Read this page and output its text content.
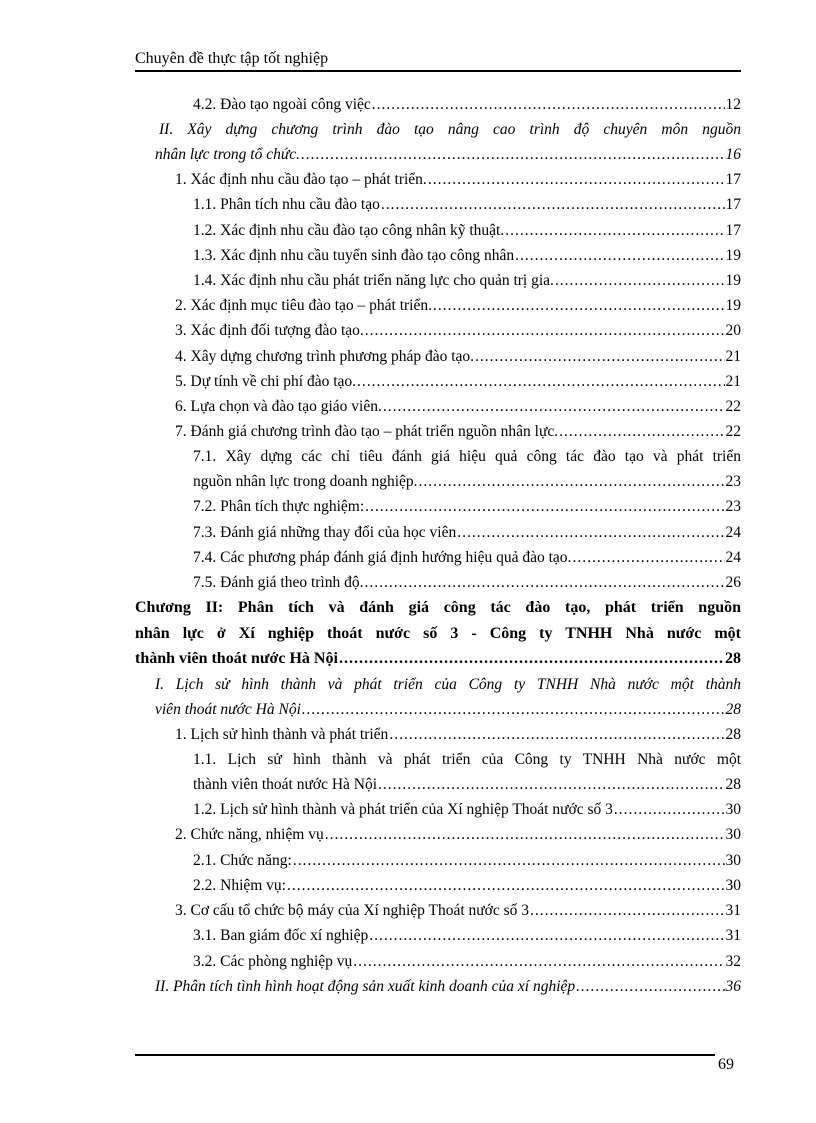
Chuyên đề thực tập tốt nghiệp
4.2. Đào tạo ngoài công việc .....	12
II. Xây dựng chương trình đào tạo nâng cao trình độ chuyên môn nguồn
nhân lực trong tổ chức. .....	16
1. Xác định nhu cầu đào tạo – phát triển. .....	17
1.1. Phân tích nhu cầu đào tạo .....	17
1.2. Xác định nhu cầu đào tạo công nhân kỹ thuật. .....	17
1.3. Xác định nhu cầu tuyển sinh đào tạo công nhân .....	19
1.4. Xác định nhu cầu phát triển năng lực cho quản trị gia. .....	19
2. Xác định mục tiêu đào tạo – phát triển. .....	19
3. Xác định đối tượng đào tạo. .....	20
4. Xây dựng chương trình phương pháp đào tạo. .....	21
5. Dự tính về chi phí đào tạo. .....	21
6. Lựa chọn và đào tạo giáo viên. .....	22
7. Đánh giá chương trình đào tạo – phát triển nguồn nhân lực. .....	22
7.1. Xây dựng các chỉ tiêu đánh giá hiệu quả công tác đào tạo và phát triển
nguồn nhân lực trong doanh nghiệp. .....	23
7.2. Phân tích thực nghiệm: .....	23
7.3. Đánh giá những thay đổi của học viên .....	24
7.4. Các phương pháp đánh giá định hướng hiệu quả đào tạo. .....	24
7.5. Đánh giá theo trình độ. .....	26
Chương II: Phân tích và đánh giá công tác đào tạo, phát triển nguồn
nhân lực ở Xí nghiệp thoát nước số 3 - Công ty TNHH Nhà nước một
thành viên thoát nước Hà Nội .....	28
I. Lịch sử hình thành và phát triển của Công ty TNHH Nhà nước một thành
viên thoát nước Hà Nội .....	28
1. Lịch sử hình thành và phát triển .....	28
1.1. Lịch sử hình thành và phát triển của Công ty TNHH Nhà nước một
thành viên thoát nước Hà Nội .....	28
1.2. Lịch sử hình thành và phát triển của Xí nghiệp Thoát nước số 3 .....	30
2. Chức năng, nhiệm vụ .....	30
2.1. Chức năng: .....	30
2.2. Nhiệm vụ: .....	30
3. Cơ cấu tổ chức bộ máy của Xí nghiệp Thoát nước số 3 .....	31
3.1. Ban giám đốc xí nghiệp .....	31
3.2. Các phòng nghiệp vụ .....	32
II. Phân tích tình hình hoạt động sản xuất kinh doanh của xí nghiệp .....	36
69
